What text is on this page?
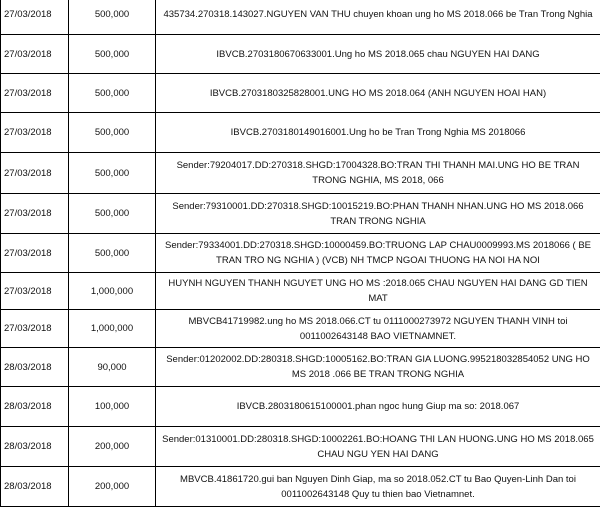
27/03/2018	500,000	435734.270318.143027.NGUYEN VAN THU chuyen khoan ung ho MS 2018.066 be Tran Trong Nghia
27/03/2018	500,000	IBVCB.2703180670633001.Ung ho MS 2018.065 chau NGUYEN HAI DANG
27/03/2018	500,000	IBVCB.2703180325828001.UNG HO MS 2018.064 (ANH NGUYEN HOAI HAN)
27/03/2018	500,000	IBVCB.2703180149016001.Ung ho be Tran Trong Nghia MS 2018066
27/03/2018	500,000	Sender:79204017.DD:270318.SHGD:17004328.BO:TRAN THI THANH MAI.UNG HO BE TRAN TRONG NGHIA, MS 2018, 066
27/03/2018	500,000	Sender:79310001.DD:270318.SHGD:10015219.BO:PHAN THANH NHAN.UNG HO MS 2018.066 TRAN TRONG NGHIA
27/03/2018	500,000	Sender:79334001.DD:270318.SHGD:10000459.BO:TRUONG LAP CHAU0009993.MS 2018066 ( BE TRAN TRO NG NGHIA ) (VCB) NH TMCP NGOAI THUONG HA NOI HA NOI
27/03/2018	1,000,000	HUYNH NGUYEN THANH NGUYET UNG HO MS :2018.065 CHAU NGUYEN HAI DANG GD TIEN MAT
27/03/2018	1,000,000	MBVCB41719982.ung ho MS 2018.066.CT tu 0111000273972 NGUYEN THANH VINH toi 0011002643148 BAO VIETNAMNET.
28/03/2018	90,000	Sender:01202002.DD:280318.SHGD:10005162.BO:TRAN GIA LUONG.995218032854052 UNG HO MS 2018 .066 BE TRAN TRONG NGHIA
28/03/2018	100,000	IBVCB.2803180615100001.phan ngoc hung Giup ma so: 2018.067
28/03/2018	200,000	Sender:01310001.DD:280318.SHGD:10002261.BO:HOANG THI LAN HUONG.UNG HO MS 2018.065 CHAU NGU YEN HAI DANG
28/03/2018	200,000	MBVCB.41861720.gui ban Nguyen Dinh Giap, ma so 2018.052.CT tu Bao Quyen-Linh Dan toi 0011002643148 Quy tu thien bao Vietnamnet.
